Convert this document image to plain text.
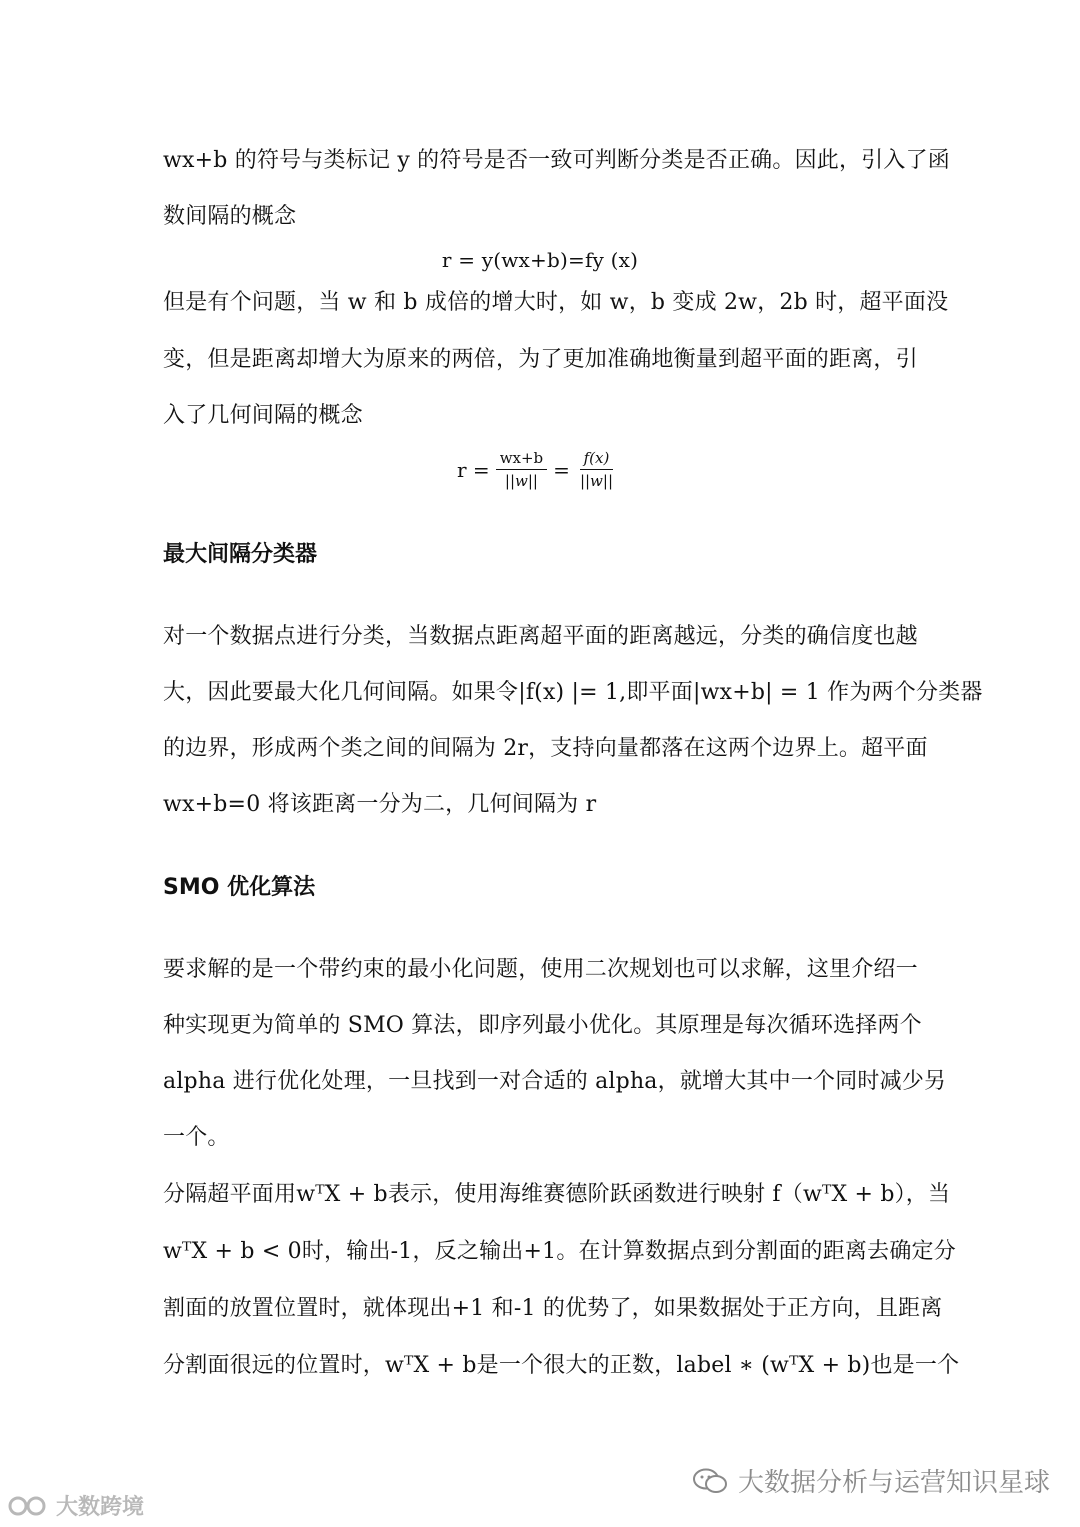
wx+b 的符号与类标记 y 的符号是否一致可判断分类是否正确。因此，引入了函
数间隔的概念
r = y(wx+b)=fy (x)
但是有个问题，当 w 和 b 成倍的增大时，如 w，b 变成 2w，2b 时，超平面没
变，但是距离却增大为原来的两倍，为了更加准确地衡量到超平面的距离，引
入了几何间隔的概念
$r = \frac{wx+b}{||w||} = \frac{f(x)}{||w||}$
最大间隔分类器
对一个数据点进行分类，当数据点距离超平面的距离越远，分类的确信度也越
大，因此要最大化几何间隔。如果令|f(x) |= 1,即平面|wx+b| = 1 作为两个分类器
的边界，形成两个类之间的间隔为 2r，支持向量都落在这两个边界上。超平面
wx+b=0 将该距离一分为二，几何间隔为 r
SMO 优化算法
要求解的是一个带约束的最小化问题，使用二次规划也可以求解，这里介绍一
种实现更为简单的 SMO 算法，即序列最小优化。其原理是每次循环选择两个
alpha 进行优化处理，一旦找到一对合适的 alpha，就增大其中一个同时减少另
一个。
分隔超平面用wᵀX + b表示，使用海维赛德阶跃函数进行映射 f（wᵀX + b），当
wᵀX + b < 0时，输出-1，反之输出+1。在计算数据点到分割面的距离去确定分
割面的放置位置时，就体现出+1 和-1 的优势了，如果数据处于正方向，且距离
分割面很远的位置时，wᵀX + b是一个很大的正数，label ∗ (wᵀX + b)也是一个
大数据分析与运营知识星球
大数跨境
